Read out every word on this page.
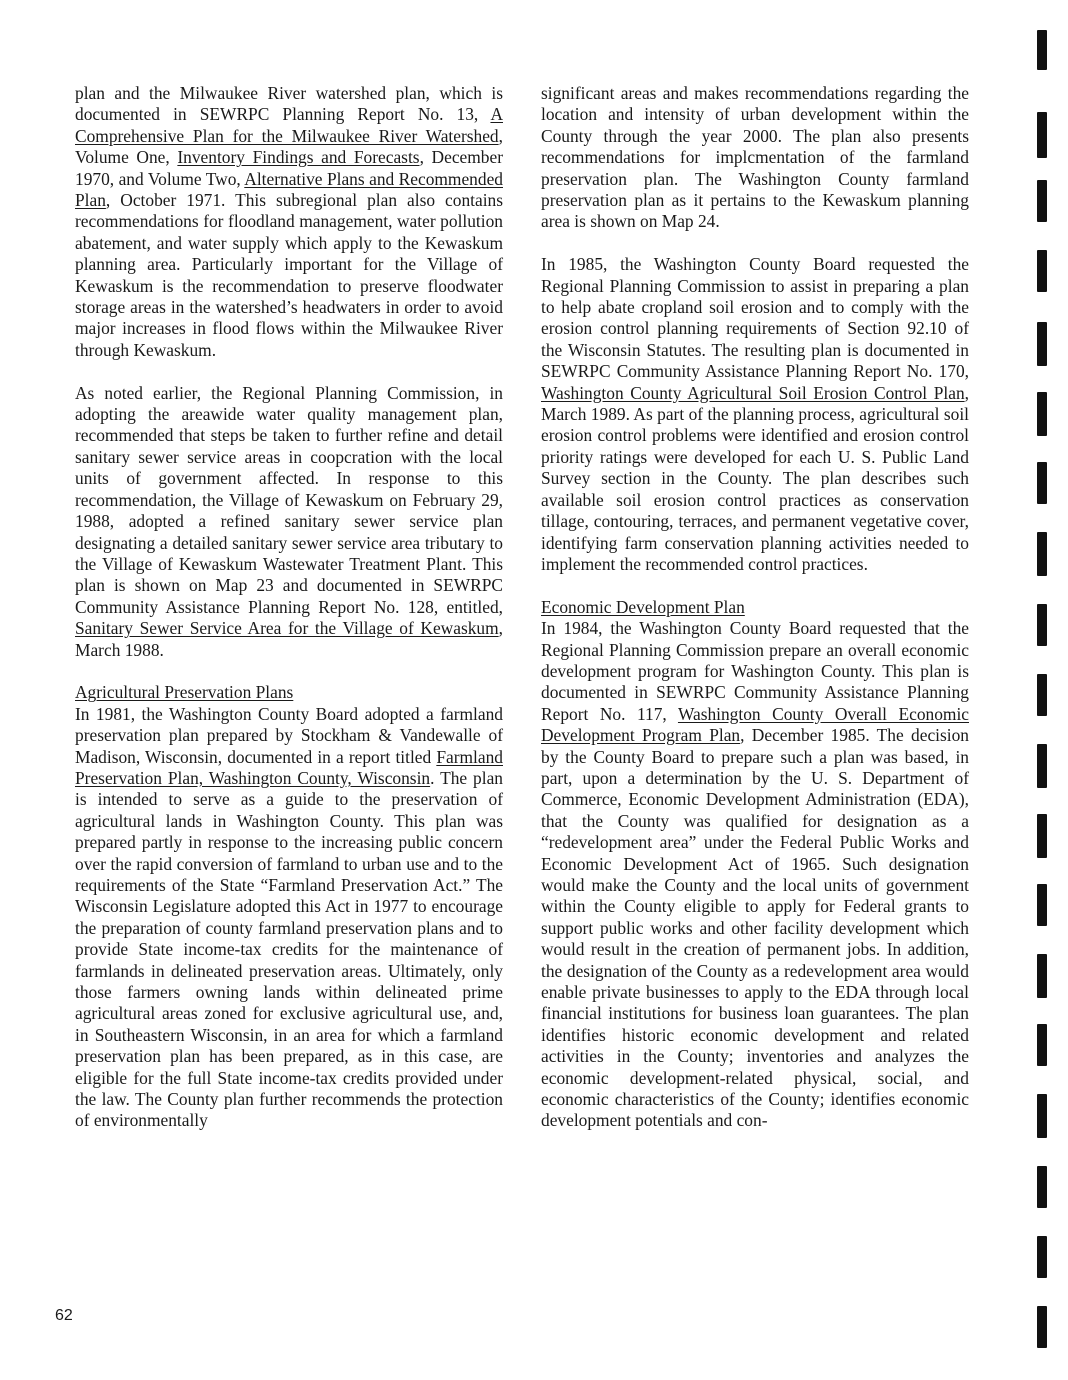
plan and the Milwaukee River watershed plan, which is documented in SEWRPC Planning Report No. 13, A Comprehensive Plan for the Milwaukee River Watershed, Volume One, Inventory Findings and Forecasts, December 1970, and Volume Two, Alternative Plans and Recommended Plan, October 1971. This subregional plan also contains recommendations for floodland management, water pollution abatement, and water supply which apply to the Kewaskum planning area. Particularly important for the Village of Kewaskum is the recommendation to preserve floodwater storage areas in the watershed’s headwaters in order to avoid major increases in flood flows within the Milwaukee River through Kewaskum.

As noted earlier, the Regional Planning Commission, in adopting the areawide water quality management plan, recommended that steps be taken to further refine and detail sanitary sewer service areas in coopcration with the local units of government affected. In response to this recommendation, the Village of Kewaskum on February 29, 1988, adopted a refined sanitary sewer service plan designating a detailed sanitary sewer service area tributary to the Village of Kewaskum Wastewater Treatment Plant. This plan is shown on Map 23 and documented in SEWRPC Community Assistance Planning Report No. 128, entitled, Sanitary Sewer Service Area for the Village of Kewaskum, March 1988.

Agricultural Preservation Plans
In 1981, the Washington County Board adopted a farmland preservation plan prepared by Stockham & Vandewalle of Madison, Wisconsin, documented in a report titled Farmland Preservation Plan, Washington County, Wisconsin. The plan is intended to serve as a guide to the preservation of agricultural lands in Washington County. This plan was prepared partly in response to the increasing public concern over the rapid conversion of farmland to urban use and to the requirements of the State “Farmland Preservation Act.” The Wisconsin Legislature adopted this Act in 1977 to encourage the preparation of county farmland preservation plans and to provide State income-tax credits for the maintenance of farmlands in delineated preservation areas. Ultimately, only those farmers owning lands within delineated prime agricultural areas zoned for exclusive agricultural use, and, in Southeastern Wisconsin, in an area for which a farmland preservation plan has been prepared, as in this case, are eligible for the full State income-tax credits provided under the law. The County plan further recommends the protection of environmentally

significant areas and makes recommendations regarding the location and intensity of urban development within the County through the year 2000. The plan also presents recommendations for implcmentation of the farmland preservation plan. The Washington County farmland preservation plan as it pertains to the Kewaskum planning area is shown on Map 24.

In 1985, the Washington County Board requested the Regional Planning Commission to assist in preparing a plan to help abate cropland soil erosion and to comply with the erosion control planning requirements of Section 92.10 of the Wisconsin Statutes. The resulting plan is documented in SEWRPC Community Assistance Planning Report No. 170, Washington County Agricultural Soil Erosion Control Plan, March 1989. As part of the planning process, agricultural soil erosion control problems were identified and erosion control priority ratings were developed for each U. S. Public Land Survey section in the County. The plan describes such available soil erosion control practices as conservation tillage, contouring, terraces, and permanent vegetative cover, identifying farm conservation planning activities needed to implement the recommended control practices.

Economic Development Plan
In 1984, the Washington County Board requested that the Regional Planning Commission prepare an overall economic development program for Washington County. This plan is documented in SEWRPC Community Assistance Planning Report No. 117, Washington County Overall Economic Development Program Plan, December 1985. The decision by the County Board to prepare such a plan was based, in part, upon a determination by the U. S. Department of Commerce, Economic Development Administration (EDA), that the County was qualified for designation as a “redevelopment area” under the Federal Public Works and Economic Development Act of 1965. Such designation would make the County and the local units of government within the County eligible to apply for Federal grants to support public works and other facility development which would result in the creation of permanent jobs. In addition, the designation of the County as a redevelopment area would enable private businesses to apply to the EDA through local financial institutions for business loan guarantees. The plan identifies historic economic development and related activities in the County; inventories and analyzes the economic development-related physical, social, and economic characteristics of the County; identifies economic development potentials and con-

62
